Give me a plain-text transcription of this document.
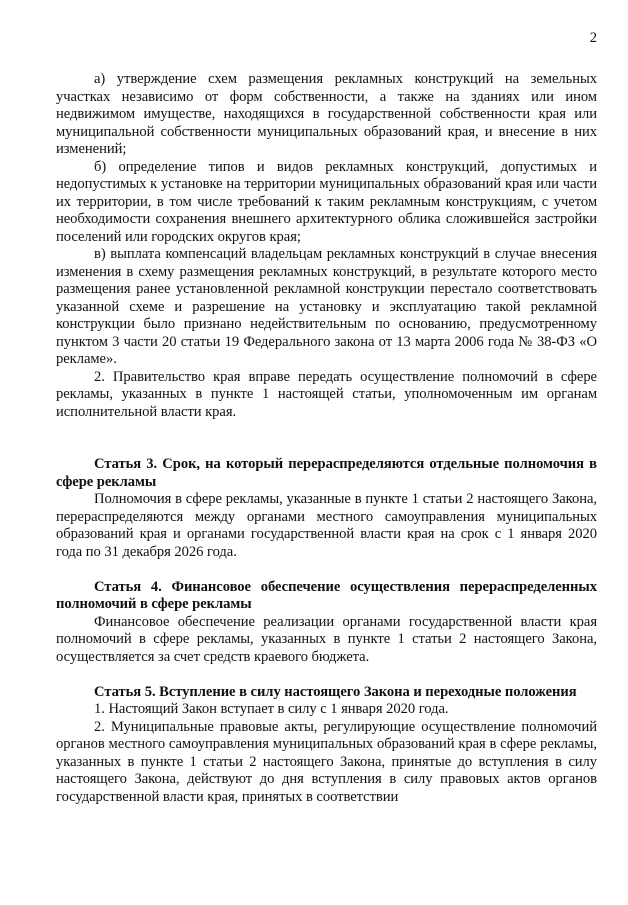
2

а) утверждение схем размещения рекламных конструкций на земельных участках независимо от форм собственности, а также на зданиях или ином недвижимом имуществе, находящихся в государственной собственности края или муниципальной собственности муниципальных образований края, и внесение в них изменений;

б) определение типов и видов рекламных конструкций, допустимых и недопустимых к установке на территории муниципальных образований края или части их территории, в том числе требований к таким рекламным конструкциям, с учетом необходимости сохранения внешнего архитектурного облика сложившейся застройки поселений или городских округов края;

в) выплата компенсаций владельцам рекламных конструкций в случае внесения изменения в схему размещения рекламных конструкций, в результате которого место размещения ранее установленной рекламной конструкции перестало соответствовать указанной схеме и разрешение на установку и эксплуатацию такой рекламной конструкции было признано недействительным по основанию, предусмотренному пунктом 3 части 20 статьи 19 Федерального закона от 13 марта 2006 года № 38-ФЗ «О рекламе».

2. Правительство края вправе передать осуществление полномочий в сфере рекламы, указанных в пункте 1 настоящей статьи, уполномоченным им органам исполнительной власти края.

Статья 3. Срок, на который перераспределяются отдельные полномочия в сфере рекламы

Полномочия в сфере рекламы, указанные в пункте 1 статьи 2 настоящего Закона, перераспределяются между органами местного самоуправления муниципальных образований края и органами государственной власти края на срок с 1 января 2020 года по 31 декабря 2026 года.

Статья 4. Финансовое обеспечение осуществления перераспределенных полномочий в сфере рекламы

Финансовое обеспечение реализации органами государственной власти края полномочий в сфере рекламы, указанных в пункте 1 статьи 2 настоящего Закона, осуществляется за счет средств краевого бюджета.

Статья 5. Вступление в силу настоящего Закона и переходные положения

1. Настоящий Закон вступает в силу с 1 января 2020 года.

2. Муниципальные правовые акты, регулирующие осуществление полномочий органов местного самоуправления муниципальных образований края в сфере рекламы, указанных в пункте 1 статьи 2 настоящего Закона, принятые до вступления в силу настоящего Закона, действуют до дня вступления в силу правовых актов органов государственной власти края, принятых в соответствии
